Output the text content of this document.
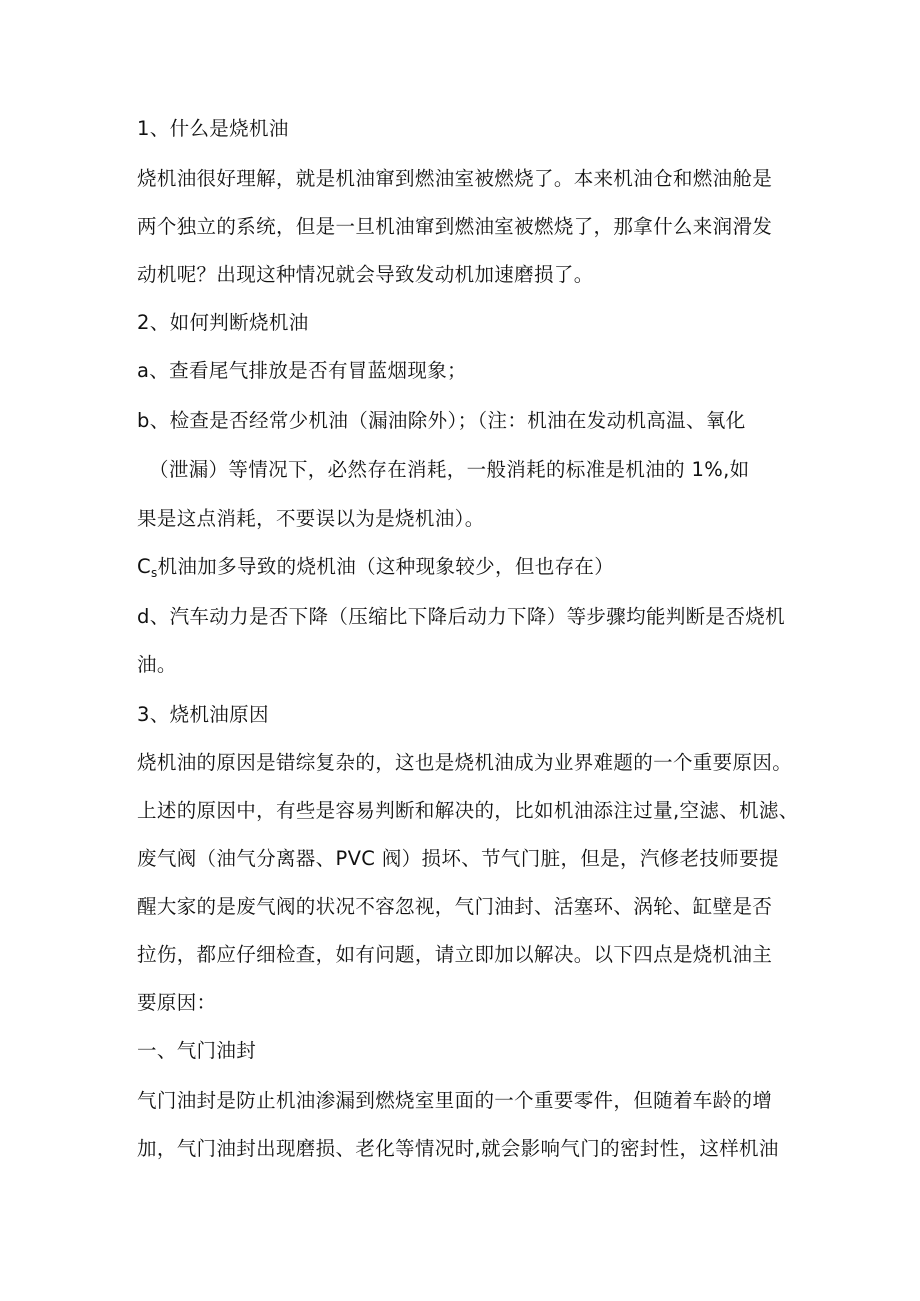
1、什么是烧机油

烧机油很好理解，就是机油窜到燃油室被燃烧了。本来机油仓和燃油舱是

两个独立的系统，但是一旦机油窜到燃油室被燃烧了，那拿什么来润滑发

动机呢？出现这种情况就会导致发动机加速磨损了。

2、如何判断烧机油

a、查看尾气排放是否有冒蓝烟现象；

b、检查是否经常少机油（漏油除外）；（注：机油在发动机高温、氧化

（泄漏）等情况下，必然存在消耗，一般消耗的标准是机油的 1%,如

果是这点消耗，不要误以为是烧机油）。

$C_s$机油加多导致的烧机油（这种现象较少，但也存在）

d、汽车动力是否下降（压缩比下降后动力下降）等步骤均能判断是否烧机

油。

3、烧机油原因

烧机油的原因是错综复杂的，这也是烧机油成为业界难题的一个重要原因。

上述的原因中，有些是容易判断和解决的，比如机油添注过量,空滤、机滤、

废气阀（油气分离器、PVC 阀）损坏、节气门脏，但是，汽修老技师要提

醒大家的是废气阀的状况不容忽视，气门油封、活塞环、涡轮、缸壁是否

拉伤，都应仔细检查，如有问题，请立即加以解决。以下四点是烧机油主

要原因：

一、气门油封

气门油封是防止机油渗漏到燃烧室里面的一个重要零件，但随着车龄的增

加，气门油封出现磨损、老化等情况时,就会影响气门的密封性，这样机油
